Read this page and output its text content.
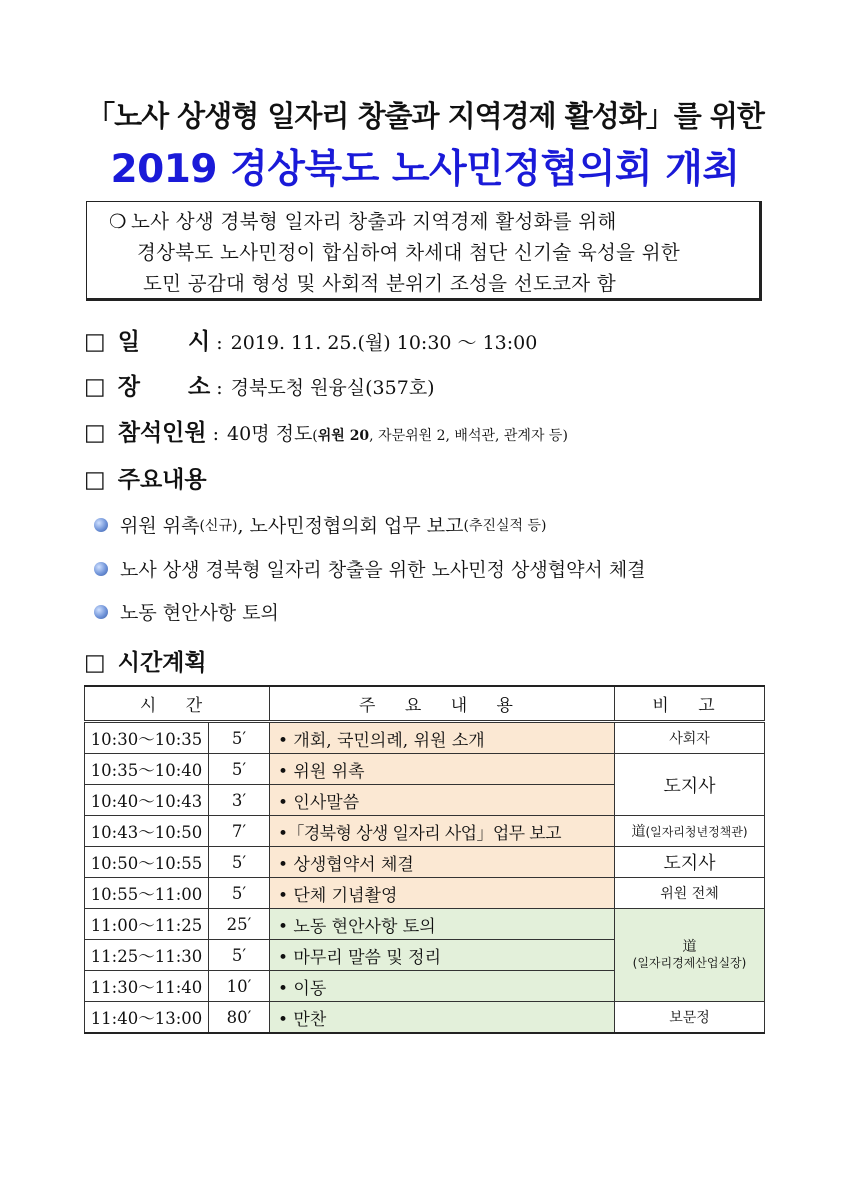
「노사 상생형 일자리 창출과 지역경제 활성화」를 위한
2019 경상북도 노사민정협의회 개최
❍ 노사 상생 경북형 일자리 창출과 지역경제 활성화를 위해
경상북도 노사민정이 합심하여 차세대 첨단 신기술 육성을 위한
도민 공감대 형성 및 사회적 분위기 조성을 선도코자 함
□ 일      시 : 2019. 11. 25.(월) 10:30 ～ 13:00
□ 장      소 : 경북도청 원융실(357호)
□ 참석인원 : 40명 정도 (위원 20, 자문위원 2, 배석관, 관계자 등)
□ 주요내용
위원 위촉 (신규) , 노사민정협의회 업무 보고 (추진실적 등)
노사 상생 경북형 일자리 창출을 위한 노사민정 상생협약서 체결
노동 현안사항 토의
□ 시간계획
시 간		주 요 내 용	비 고
10:30～10:35	5′	• 개회, 국민의례, 위원 소개	사회자
10:35～10:40	5′	• 위원 위촉	도지사
10:40～10:43	3′	• 인사말씀	
10:43～10:50	7′	•「경북형 상생 일자리 사업」업무 보고	道(일자리청년정책관)
10:50～10:55	5′	• 상생협약서 체결	도지사
10:55～11:00	5′	• 단체 기념촬영	위원 전체
11:00～11:25	25′	• 노동 현안사항 토의	道
(일자리경제산업실장)

11:25～11:30	5′	• 마무리 말씀 및 정리	
11:30～11:40	10′	• 이동	
11:40～13:00	80′	• 만찬	보문정
